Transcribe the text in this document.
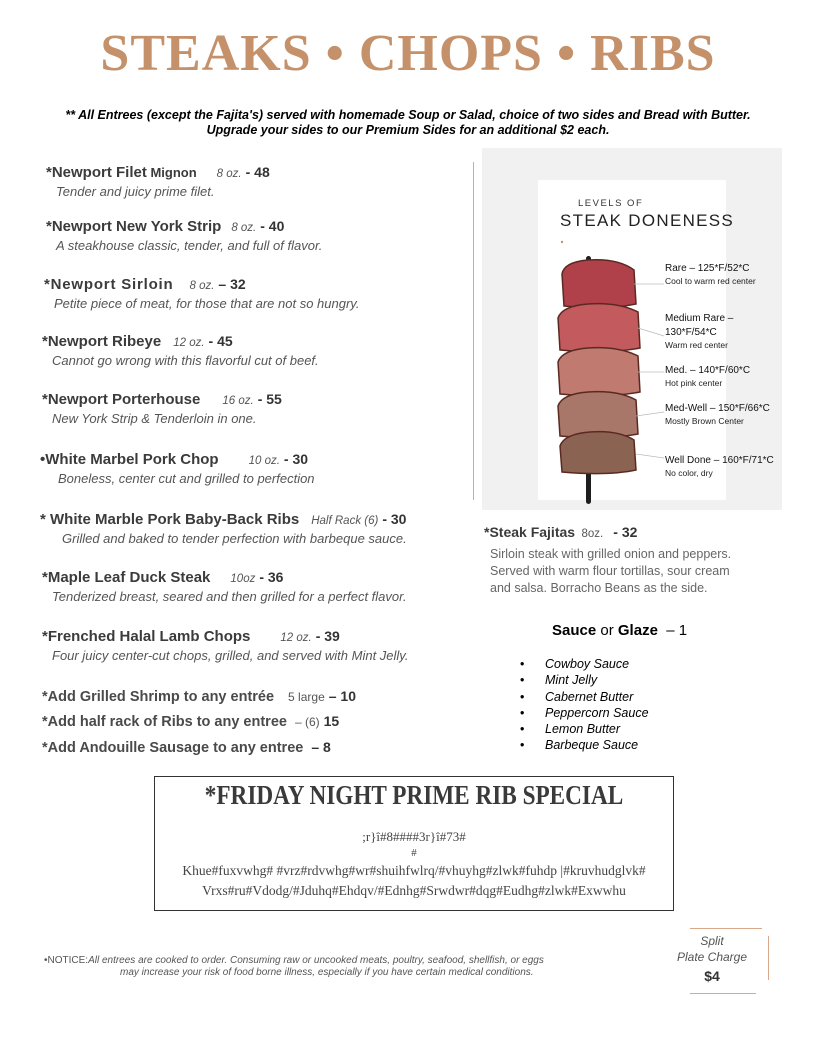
STEAKS • CHOPS • RIBS
** All Entrees (except the Fajita's) served with homemade Soup or Salad, choice of two sides and Bread with Butter.
Upgrade your sides to our Premium Sides for an additional $2 each.
*Newport Filet Mignon 8 oz. - 48
Tender and juicy prime filet.
*Newport New York Strip 8 oz. - 40
A steakhouse classic, tender, and full of flavor.
*Newport Sirloin 8 oz. – 32
Petite piece of meat, for those that are not so hungry.
*Newport Ribeye 12 oz. - 45
Cannot go wrong with this flavorful cut of beef.
*Newport Porterhouse 16 oz. - 55
New York Strip & Tenderloin in one.
•White Marbel Pork Chop	10 oz. - 30
Boneless, center cut and grilled to perfection
* White Marble Pork Baby-Back Ribs Half Rack (6) - 30
Grilled and baked to tender perfection with barbeque sauce.
*Maple Leaf Duck Steak 10oz - 36
Tenderized breast, seared and then grilled for a perfect flavor.
*Frenched Halal Lamb Chops	12 oz. - 39
Four juicy center-cut chops, grilled, and served with Mint Jelly.
*Add Grilled Shrimp to any entrée 5 large – 10
*Add half rack of Ribs to any entree – (6) 15
*Add Andouille Sausage to any entree – 8
LEVELS OF
STEAK DONENESS
Rare – 125*F/52*C
Cool to warm red center
Medium Rare – 130*F/54*C
Warm red center
Med. – 140*F/60*C
Hot pink center
Med-Well – 150*F/66*C
Mostly Brown Center
Well Done – 160*F/71*C
No color, dry
*Steak Fajitas 8oz. - 32
Sirloin steak with grilled onion and peppers.
Served with warm flour tortillas, sour cream
and salsa. Borracho Beans as the side.
Sauce or Glaze  – 1
• Cowboy Sauce
• Mint Jelly
• Cabernet Butter
• Peppercorn Sauce
• Lemon Butter
• Barbeque Sauce
*FRIDAY NIGHT PRIME RIB SPECIAL
;r}î#8####3r}î#73#
#
Khue#fuxvwhg# #vrz#rdvwhg#wr#shuihfwlrq/#vhuyhg#zlwk#fuhdp |#kruvhudglvk#
Vrxs#ru#Vdodg/#Jduhq#Ehdqv/#Ednhg#Srwdwr#dqg#Eudhg#zlwk#Exwwhu
•NOTICE:All entrees are cooked to order. Consuming raw or uncooked meats, poultry, seafood, shellfish, or eggs
may increase your risk of food borne illness, especially if you have certain medical conditions.
Split
Plate Charge
$4
